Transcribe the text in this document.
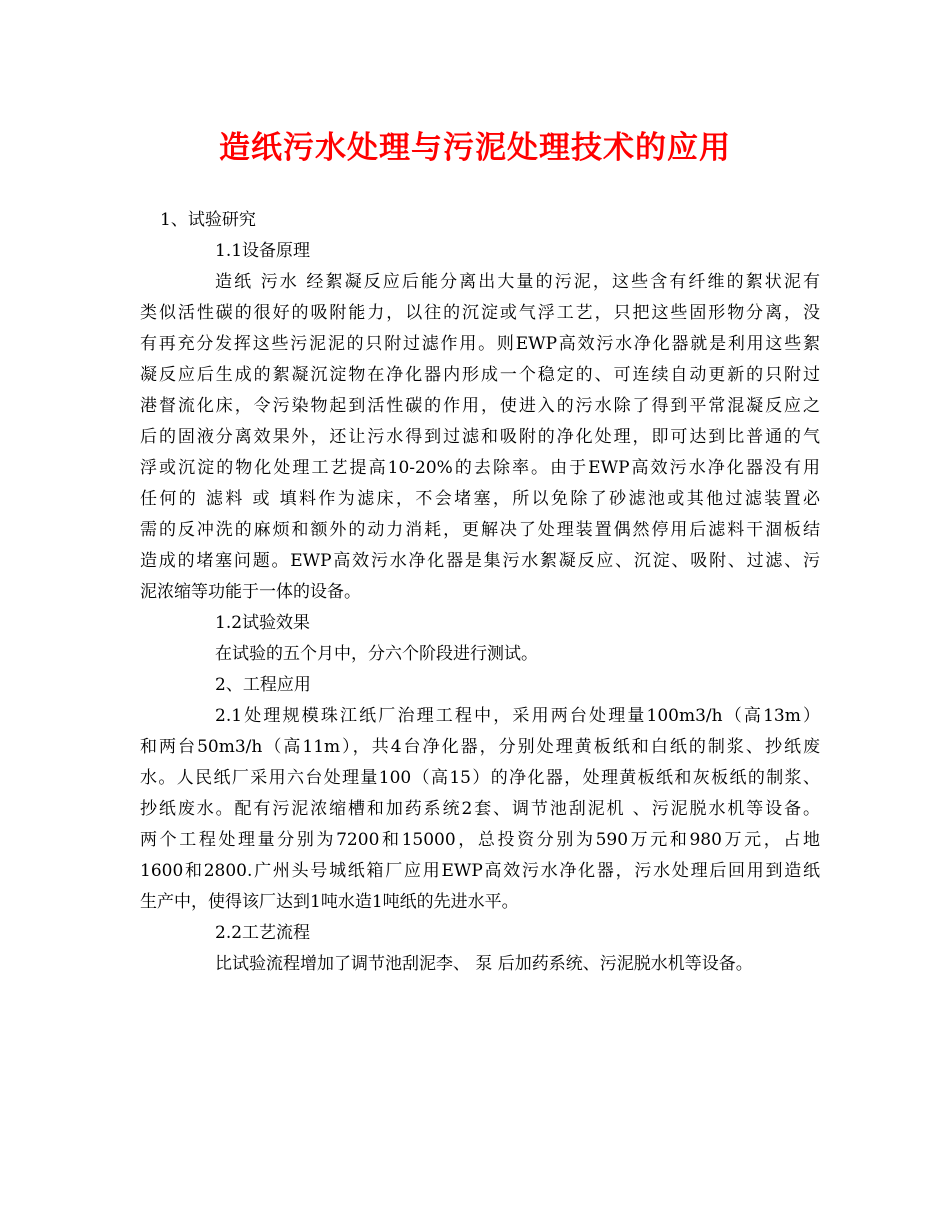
造纸污水处理与污泥处理技术的应用
1、试验研究
1.1设备原理
造纸 污水 经絮凝反应后能分离出大量的污泥，这些含有纤维的絮状泥有
类似活性碳的很好的吸附能力，以往的沉淀或气浮工艺，只把这些固形物分离，没
有再充分发挥这些污泥泥的只附过滤作用。则EWP高效污水净化器就是利用这些絮
凝反应后生成的絮凝沉淀物在净化器内形成一个稳定的、可连续自动更新的只附过
港督流化床，令污染物起到活性碳的作用，使进入的污水除了得到平常混凝反应之
后的固液分离效果外，还让污水得到过滤和吸附的净化处理，即可达到比普通的气
浮或沉淀的物化处理工艺提高10-20%的去除率。由于EWP高效污水净化器没有用
任何的 滤料 或 填料作为滤床，不会堵塞，所以免除了砂滤池或其他过滤装置必
需的反冲洗的麻烦和额外的动力消耗，更解决了处理装置偶然停用后滤料干涸板结
造成的堵塞问题。EWP高效污水净化器是集污水絮凝反应、沉淀、吸附、过滤、污
泥浓缩等功能于一体的设备。
1.2试验效果
在试验的五个月中，分六个阶段进行测试。
2、工程应用
2.1处理规模珠江纸厂治理工程中，采用两台处理量100m3/h（高13m）
和两台50m3/h（高11m），共4台净化器，分别处理黄板纸和白纸的制浆、抄纸废
水。人民纸厂采用六台处理量100（高15）的净化器，处理黄板纸和灰板纸的制浆、
抄纸废水。配有污泥浓缩槽和加药系统2套、调节池刮泥机 、污泥脱水机等设备。
两个工程处理量分别为7200和15000，总投资分别为590万元和980万元，占地
1600和2800.广州头号城纸箱厂应用EWP高效污水净化器，污水处理后回用到造纸
生产中，使得该厂达到1吨水造1吨纸的先进水平。
2.2工艺流程
比试验流程增加了调节池刮泥李、 泵 后加药系统、污泥脱水机等设备。
